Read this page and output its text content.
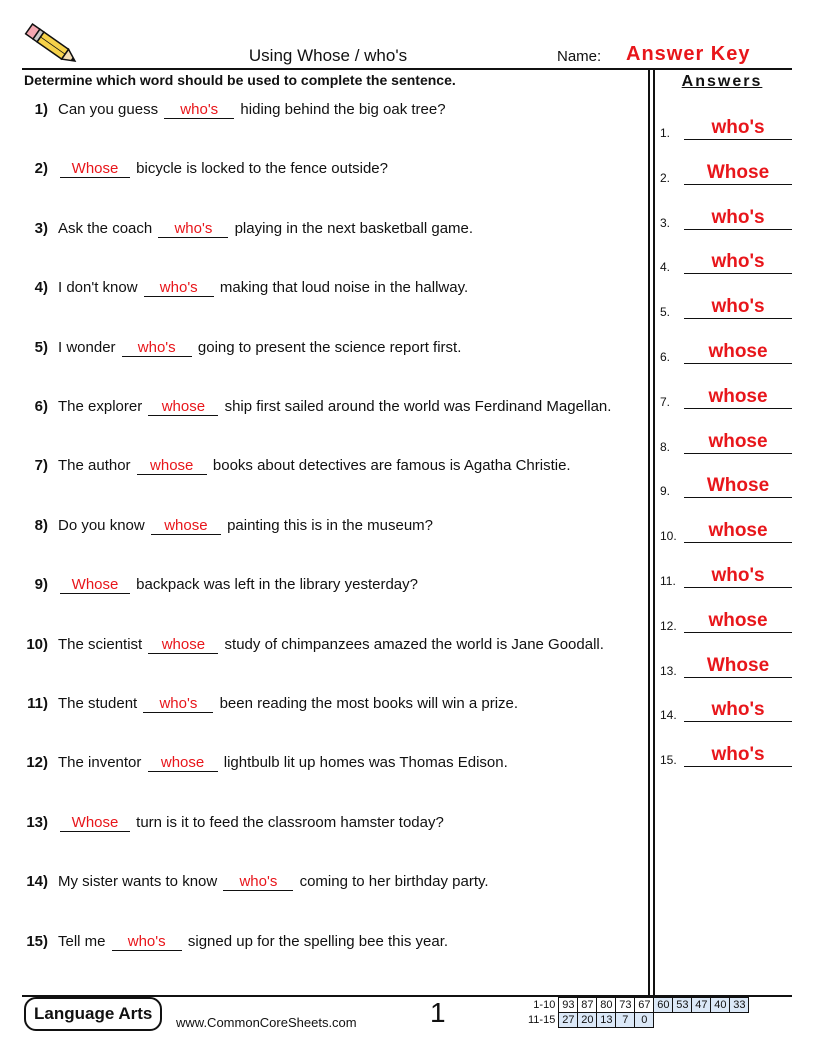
Using Whose / who's	Name: Answer Key
Determine which word should be used to complete the sentence.	Answers
1) Can you guess who's hiding behind the big oak tree?
2) Whose bicycle is locked to the fence outside?
3) Ask the coach who's playing in the next basketball game.
4) I don't know who's making that loud noise in the hallway.
5) I wonder who's going to present the science report first.
6) The explorer whose ship first sailed around the world was Ferdinand Magellan.
7) The author whose books about detectives are famous is Agatha Christie.
8) Do you know whose painting this is in the museum?
9) Whose backpack was left in the library yesterday?
10) The scientist whose study of chimpanzees amazed the world is Jane Goodall.
11) The student who's been reading the most books will win a prize.
12) The inventor whose lightbulb lit up homes was Thomas Edison.
13) Whose turn is it to feed the classroom hamster today?
14) My sister wants to know who's coming to her birthday party.
15) Tell me who's signed up for the spelling bee this year.
1.	who's
2.	Whose
3.	who's
4.	who's
5.	who's
6.	whose
7.	whose
8.	whose
9.	Whose
10.	whose
11.	who's
12.	whose
13.	Whose
14.	who's
15.	who's
Language Arts	www.CommonCoreSheets.com	1	1-10	93	87	80	73	67	60	53	47	40	33
11-15	27	20	13	7	0					
